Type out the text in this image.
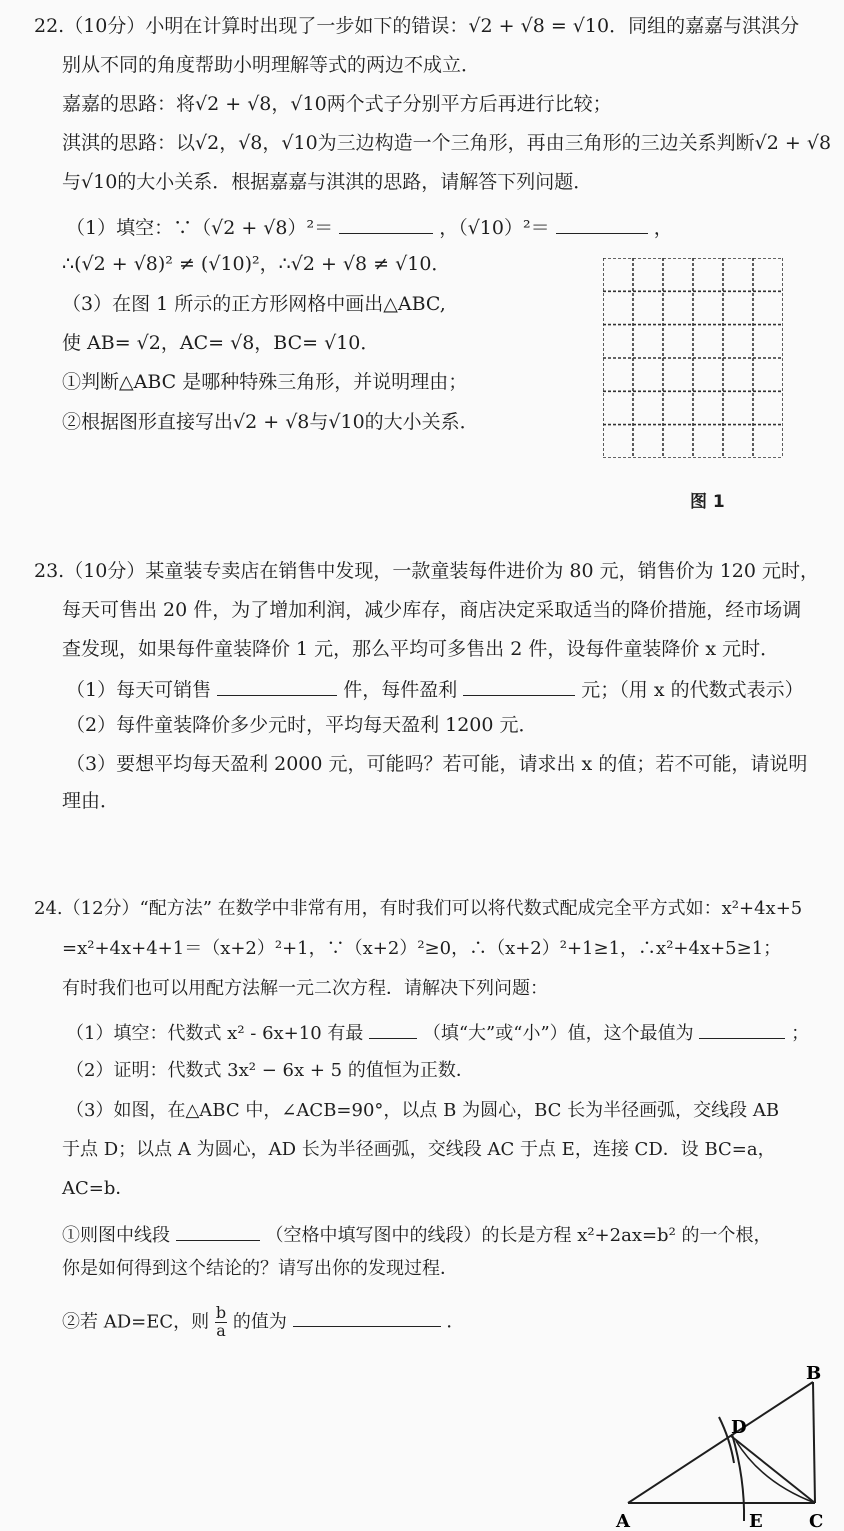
22.（10分）小明在计算时出现了一步如下的错误：√2 + √8 = √10．同组的嘉嘉与淇淇分
别从不同的角度帮助小明理解等式的两边不成立．
嘉嘉的思路：将√2 + √8，√10两个式子分别平方后再进行比较；
淇淇的思路：以√2，√8，√10为三边构造一个三角形，再由三角形的三边关系判断√2 + √8
与√10的大小关系．根据嘉嘉与淇淇的思路，请解答下列问题．
（1）填空：∵（√2 + √8）²＝	，（√10）²＝	，
∴(√2 + √8)² ≠ (√10)²，∴√2 + √8 ≠ √10．
（3）在图 1 所示的正方形网格中画出△ABC,
使 AB= √2，AC= √8，BC= √10．
①判断△ABC 是哪种特殊三角形，并说明理由；
②根据图形直接写出√2 + √8与√10的大小关系．
图 1
23.（10分）某童装专卖店在销售中发现，一款童装每件进价为 80 元，销售价为 120 元时，
每天可售出 20 件，为了增加利润，减少库存，商店决定采取适当的降价措施，经市场调
查发现，如果每件童装降价 1 元，那么平均可多售出 2 件，设每件童装降价 x 元时．
（1）每天可销售	件，每件盈利	元；（用 x 的代数式表示）
（2）每件童装降价多少元时，平均每天盈利 1200 元．
（3）要想平均每天盈利 2000 元，可能吗？若可能，请求出 x 的值；若不可能，请说明
理由．
24.（12分）“配方法” 在数学中非常有用，有时我们可以将代数式配成完全平方式如：x²+4x+5
=x²+4x+4+1＝（x+2）²+1，∵（x+2）²≥0，∴（x+2）²+1≥1，∴x²+4x+5≥1；
有时我们也可以用配方法解一元二次方程．请解决下列问题：
（1）填空：代数式 x² - 6x+10 有最	（填“大”或“小”）值，这个最值为	；
（2）证明：代数式 3x² − 6x + 5 的值恒为正数．
（3）如图，在△ABC 中，∠ACB=90°，以点 B 为圆心，BC 长为半径画弧，交线段 AB
于点 D；以点 A 为圆心，AD 长为半径画弧，交线段 AC 于点 E，连接 CD．设 BC=a，
AC=b．
①则图中线段	（空格中填写图中的线段）的长是方程 x²+2ax=b² 的一个根，
你是如何得到这个结论的？请写出你的发现过程．
②若 AD=EC，则 $\frac{b}{a}$ 的值为	．
A
B
C
D
E
